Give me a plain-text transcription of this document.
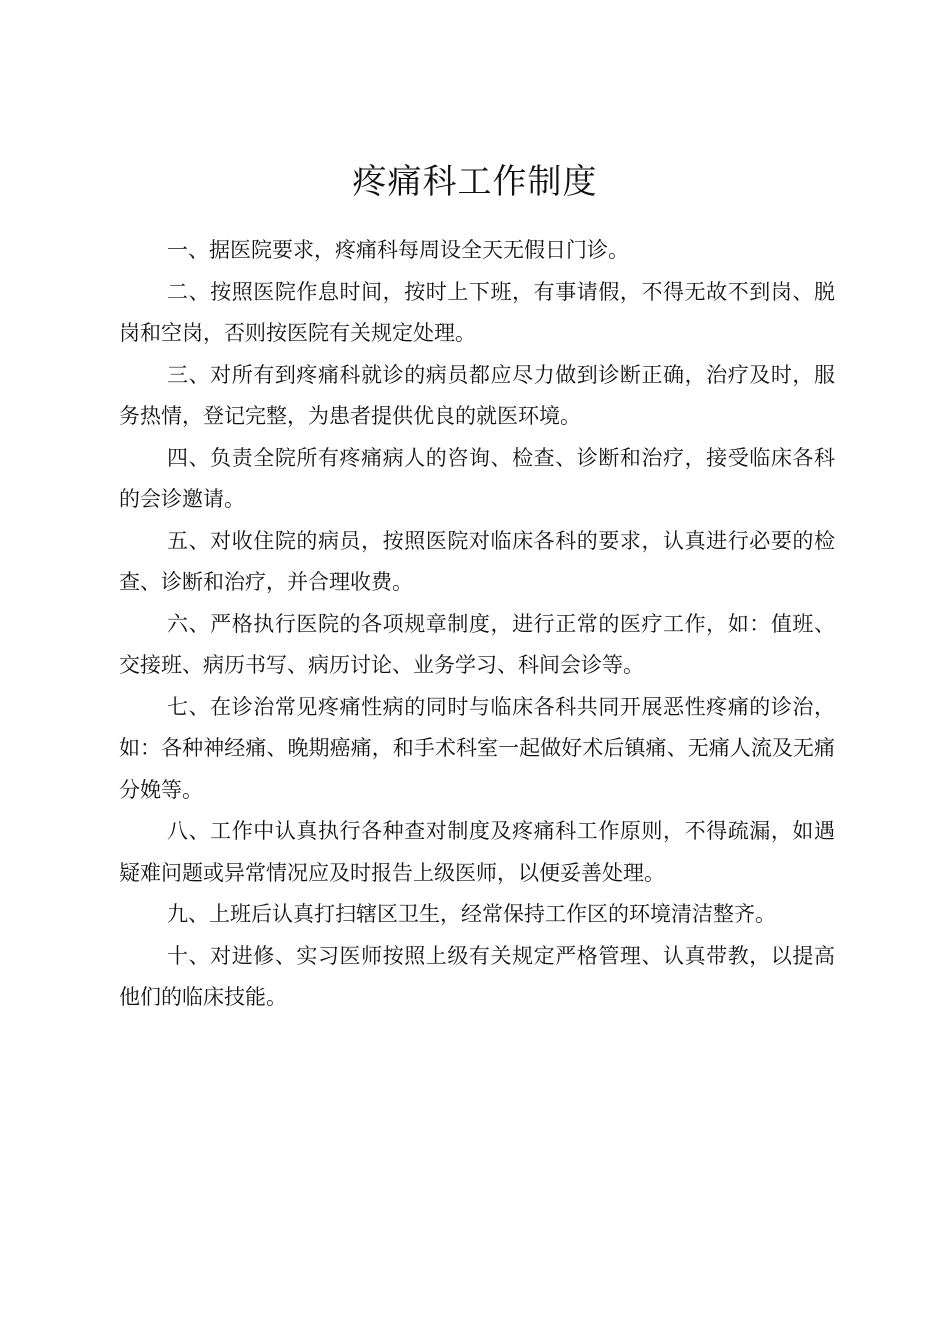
疼痛科工作制度

一、据医院要求，疼痛科每周设全天无假日门诊。

二、按照医院作息时间，按时上下班，有事请假，不得无故不到岗、脱岗和空岗，否则按医院有关规定处理。

三、对所有到疼痛科就诊的病员都应尽力做到诊断正确，治疗及时，服务热情，登记完整，为患者提供优良的就医环境。

四、负责全院所有疼痛病人的咨询、检查、诊断和治疗，接受临床各科的会诊邀请。

五、对收住院的病员，按照医院对临床各科的要求，认真进行必要的检查、诊断和治疗，并合理收费。

六、严格执行医院的各项规章制度，进行正常的医疗工作，如：值班、交接班、病历书写、病历讨论、业务学习、科间会诊等。

七、在诊治常见疼痛性病的同时与临床各科共同开展恶性疼痛的诊治，如：各种神经痛、晚期癌痛，和手术科室一起做好术后镇痛、无痛人流及无痛分娩等。

八、工作中认真执行各种查对制度及疼痛科工作原则，不得疏漏，如遇疑难问题或异常情况应及时报告上级医师，以便妥善处理。

九、上班后认真打扫辖区卫生，经常保持工作区的环境清洁整齐。

十、对进修、实习医师按照上级有关规定严格管理、认真带教，以提高他们的临床技能。
